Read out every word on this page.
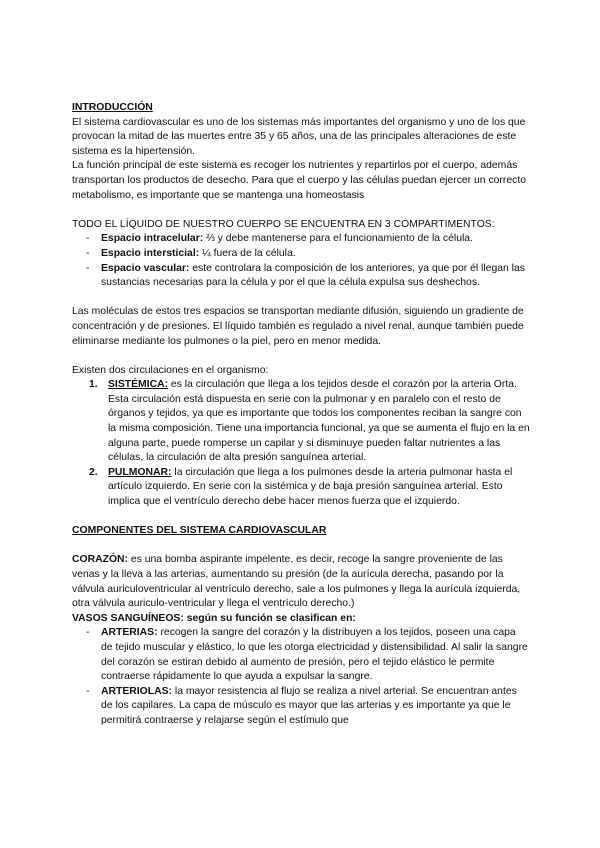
INTRODUCCIÓN

El sistema cardiovascular es uno de los sistemas más importantes del organismo y uno de los que provocan la mitad de las muertes entre 35 y 65 años, una de las principales alteraciones de este sistema es la hipertensión.

La función principal de este sistema es recoger los nutrientes y repartirlos por el cuerpo, además transportan los productos de desecho. Para que el cuerpo y las células puedan ejercer un correcto metabolismo, es importante que se mantenga una homeostasis

TODO EL LÍQUIDO DE NUESTRO CUERPO SE ENCUENTRA EN 3 COMPARTIMENTOS:

- Espacio intracelular: ⅔ y debe mantenerse para el funcionamiento de la célula.
- Espacio intersticial: ¼ fuera de la célula.
- Espacio vascular: este controlara la composición de los anteriores, ya que por él llegan las sustancias necesarias para la célula y por el que la célula expulsa sus deshechos.

Las moléculas de estos tres espacios se transportan mediante difusión, siguiendo un gradiente de concentración y de presiones. El líquido también es regulado a nivel renal, aunque también puede eliminarse mediante los pulmones o la piel, pero en menor medida.

Existen dos circulaciones en el organismo:

1. SISTÉMICA: es la circulación que llega a los tejidos desde el corazón por la arteria Orta. Esta circulación está dispuesta en serie con la pulmonar y en paralelo con el resto de órganos y tejidos, ya que es importante que todos los componentes reciban la sangre con la misma composición. Tiene una importancia funcional, ya que se aumenta el flujo en la en alguna parte, puede romperse un capilar y si disminuye pueden faltar nutrientes a las células, la circulación de alta presión sanguínea arterial.
2. PULMONAR: la circulación que llega a los pulmones desde la arteria pulmonar hasta el artículo izquierdo. En serie con la sistémica y de baja presión sanguínea arterial. Esto implica que el ventrículo derecho debe hacer menos fuerza que el izquierdo.

COMPONENTES DEL SISTEMA CARDIOVASCULAR

CORAZÓN: es una bomba aspirante impelente, es decir, recoge la sangre proveniente de las venas y la lleva a las arterias, aumentando su presión (de la aurícula derecha, pasando por la válvula auriculoventricular al ventrículo derecho, sale a los pulmones y llega la aurícula izquierda, otra válvula auriculo-ventricular y llega el ventrículo derecho.)

VASOS SANGUÍNEOS: según su función se clasifican en:

- ARTERIAS: recogen la sangre del corazón y la distribuyen a los tejidos, poseen una capa de tejido muscular y elástico, lo que les otorga electricidad y distensibilidad. Al salir la sangre del corazón se estiran debido al aumento de presión, pero el tejido elástico le permite contraerse rápidamente lo que ayuda a expulsar la sangre.
- ARTERIOLAS: la mayor resistencia al flujo se realiza a nivel arterial. Se encuentran antes de los capilares. La capa de músculo es mayor que las arterias y es importante ya que le permitirá contraerse y relajarse según el estímulo que
